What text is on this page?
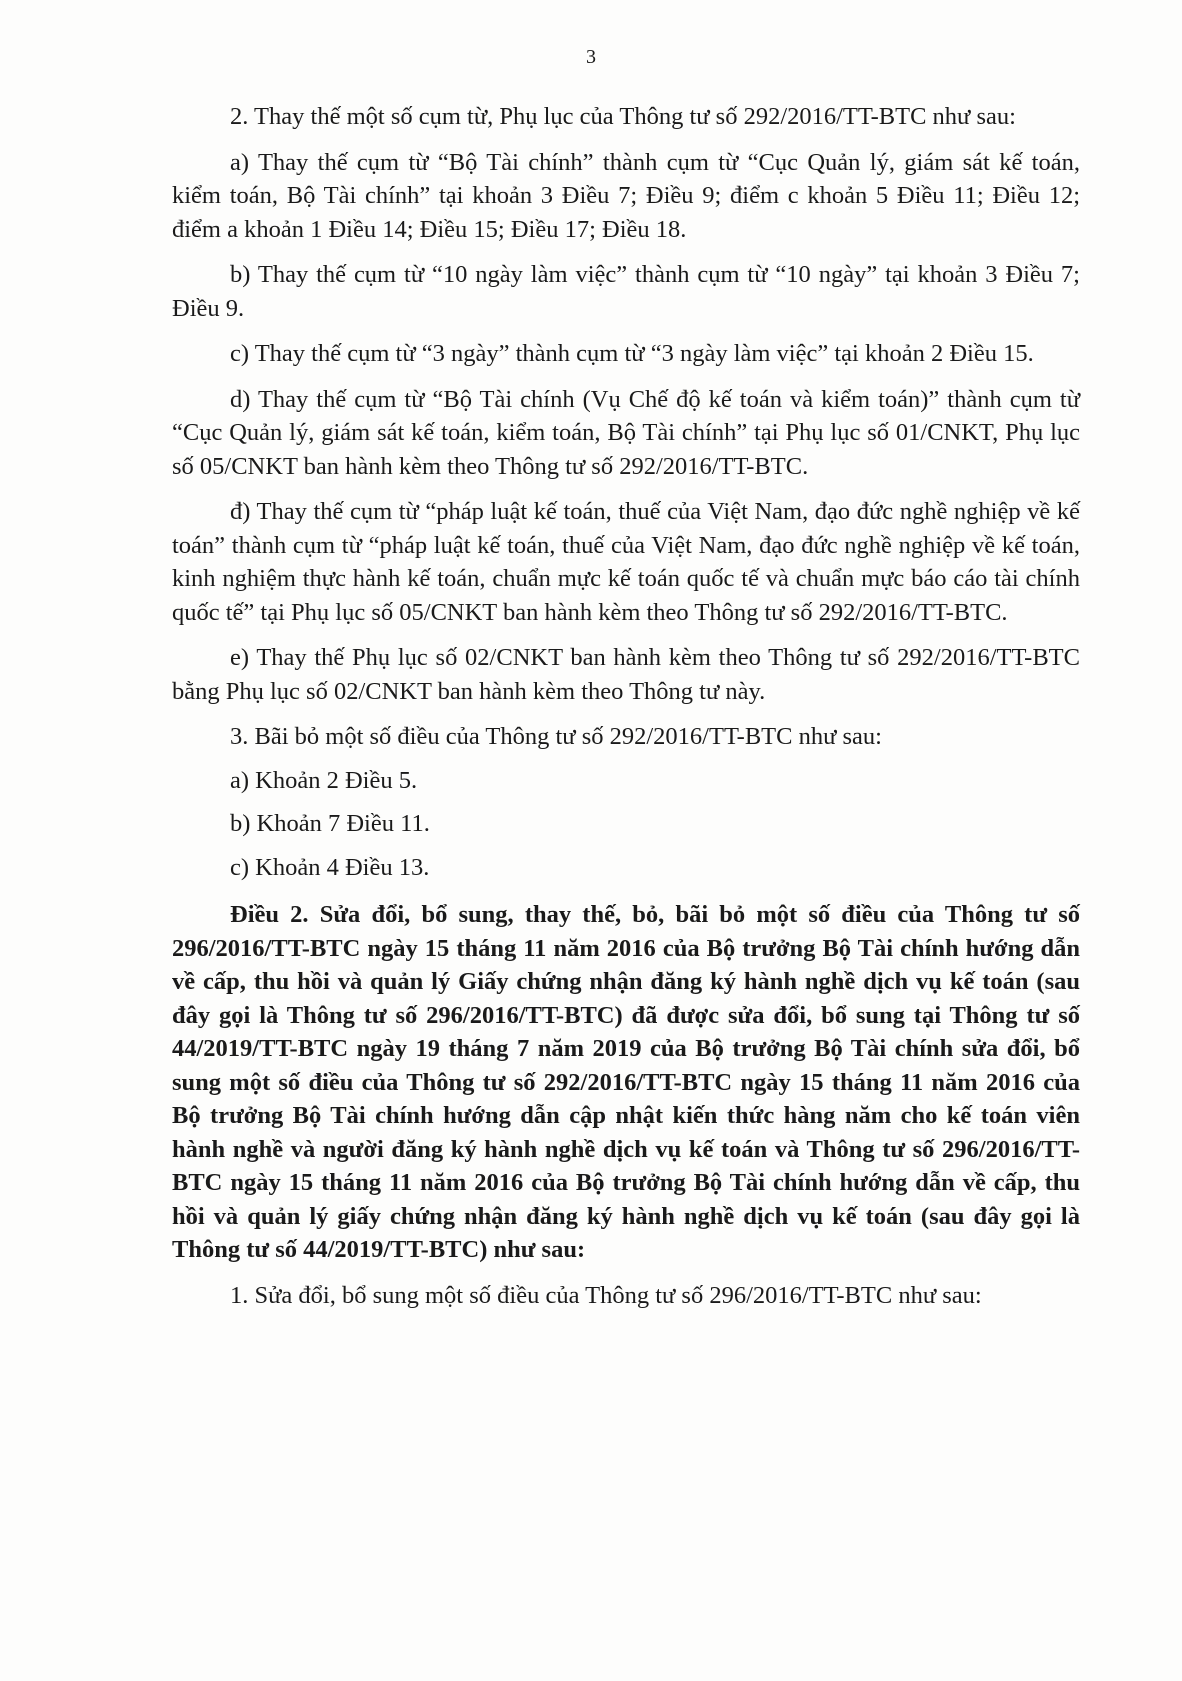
3

2. Thay thế một số cụm từ, Phụ lục của Thông tư số 292/2016/TT-BTC như sau:

a) Thay thế cụm từ “Bộ Tài chính” thành cụm từ “Cục Quản lý, giám sát kế toán, kiểm toán, Bộ Tài chính” tại khoản 3 Điều 7; Điều 9; điểm c khoản 5 Điều 11; Điều 12; điểm a khoản 1 Điều 14; Điều 15; Điều 17; Điều 18.

b) Thay thế cụm từ “10 ngày làm việc” thành cụm từ “10 ngày” tại khoản 3 Điều 7; Điều 9.

c) Thay thế cụm từ “3 ngày” thành cụm từ “3 ngày làm việc” tại khoản 2 Điều 15.

d) Thay thế cụm từ “Bộ Tài chính (Vụ Chế độ kế toán và kiểm toán)” thành cụm từ “Cục Quản lý, giám sát kế toán, kiểm toán, Bộ Tài chính” tại Phụ lục số 01/CNKT, Phụ lục số 05/CNKT ban hành kèm theo Thông tư số 292/2016/TT-BTC.

đ) Thay thế cụm từ “pháp luật kế toán, thuế của Việt Nam, đạo đức nghề nghiệp về kế toán” thành cụm từ “pháp luật kế toán, thuế của Việt Nam, đạo đức nghề nghiệp về kế toán, kinh nghiệm thực hành kế toán, chuẩn mực kế toán quốc tế và chuẩn mực báo cáo tài chính quốc tế” tại Phụ lục số 05/CNKT ban hành kèm theo Thông tư số 292/2016/TT-BTC.

e) Thay thế Phụ lục số 02/CNKT ban hành kèm theo Thông tư số 292/2016/TT-BTC bằng Phụ lục số 02/CNKT ban hành kèm theo Thông tư này.

3. Bãi bỏ một số điều của Thông tư số 292/2016/TT-BTC như sau:

a) Khoản 2 Điều 5.

b) Khoản 7 Điều 11.

c) Khoản 4 Điều 13.

Điều 2. Sửa đổi, bổ sung, thay thế, bỏ, bãi bỏ một số điều của Thông tư số 296/2016/TT-BTC ngày 15 tháng 11 năm 2016 của Bộ trưởng Bộ Tài chính hướng dẫn về cấp, thu hồi và quản lý Giấy chứng nhận đăng ký hành nghề dịch vụ kế toán (sau đây gọi là Thông tư số 296/2016/TT-BTC) đã được sửa đổi, bổ sung tại Thông tư số 44/2019/TT-BTC ngày 19 tháng 7 năm 2019 của Bộ trưởng Bộ Tài chính sửa đổi, bổ sung một số điều của Thông tư số 292/2016/TT-BTC ngày 15 tháng 11 năm 2016 của Bộ trưởng Bộ Tài chính hướng dẫn cập nhật kiến thức hàng năm cho kế toán viên hành nghề và người đăng ký hành nghề dịch vụ kế toán và Thông tư số 296/2016/TT-BTC ngày 15 tháng 11 năm 2016 của Bộ trưởng Bộ Tài chính hướng dẫn về cấp, thu hồi và quản lý giấy chứng nhận đăng ký hành nghề dịch vụ kế toán (sau đây gọi là Thông tư số 44/2019/TT-BTC) như sau:

1. Sửa đổi, bổ sung một số điều của Thông tư số 296/2016/TT-BTC như sau:
